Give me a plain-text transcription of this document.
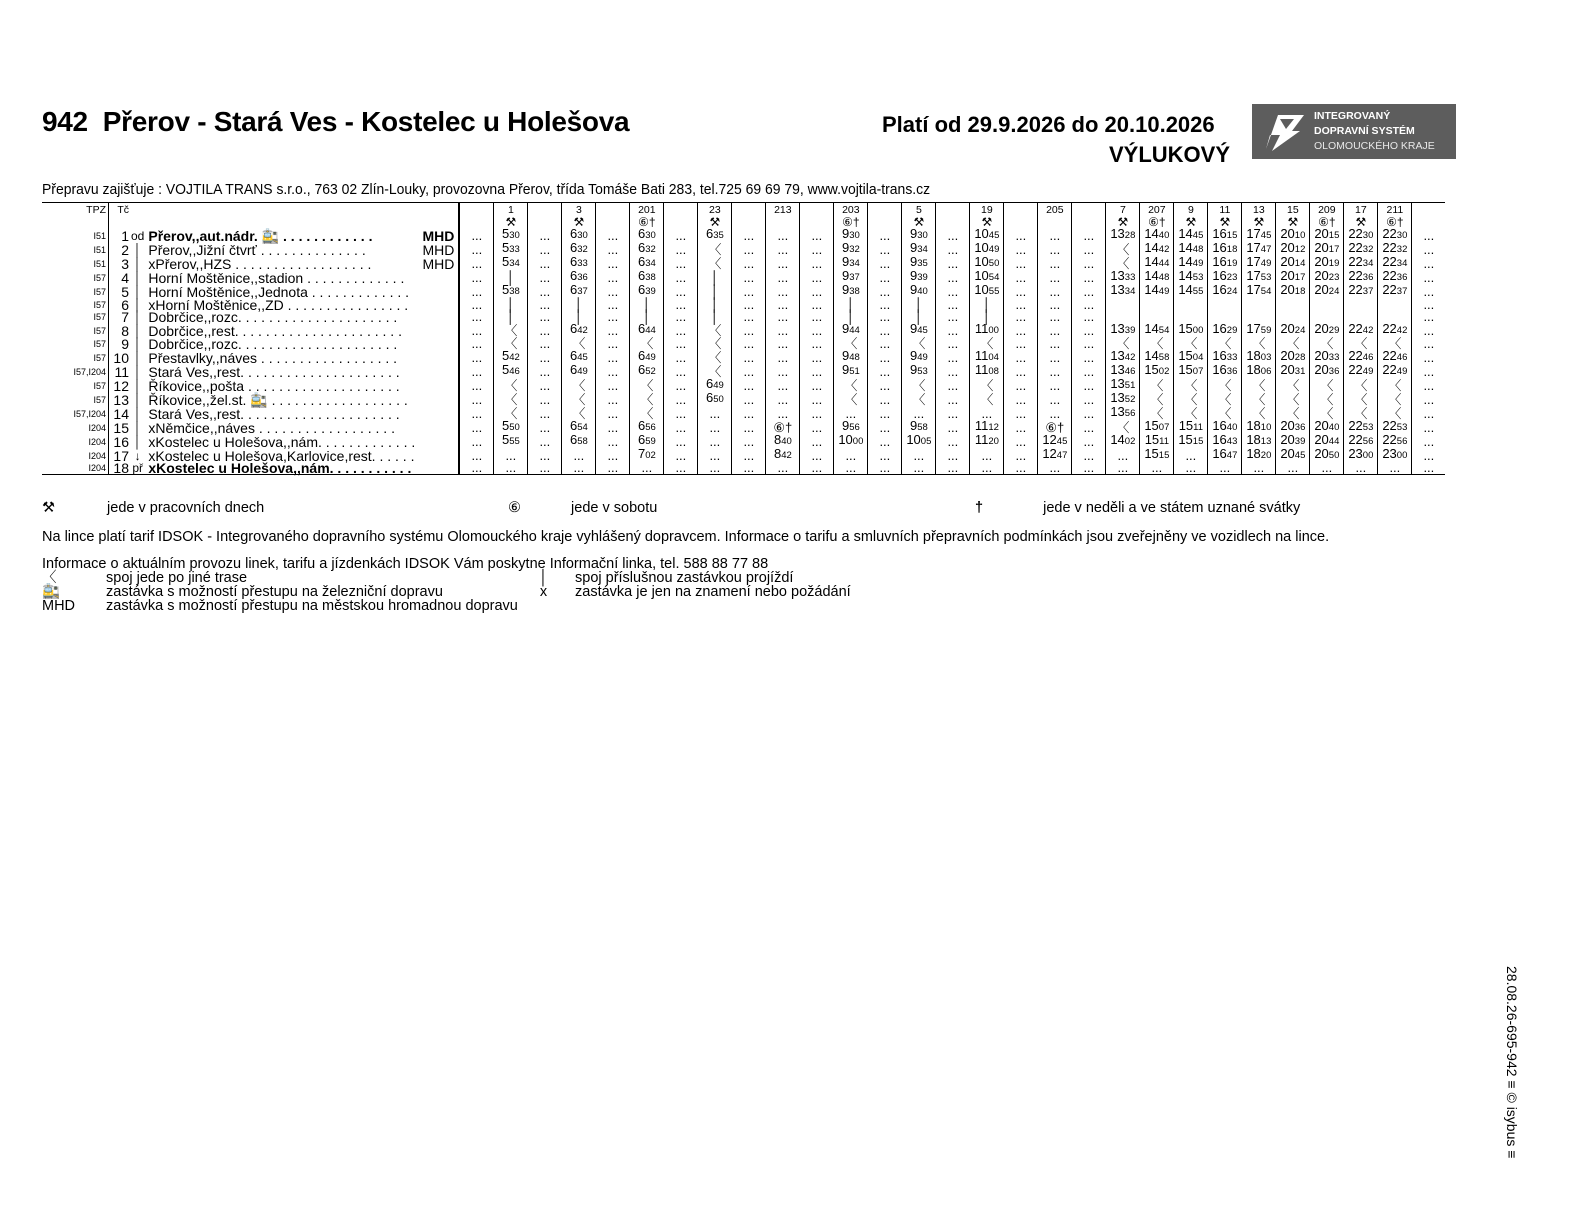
942 Přerov - Stará Ves - Kostelec u Holešova	Platí od 29.9.2026 do 20.10.2026
VÝLUKOVÝ
INTEGROVANÝ
DOPRAVNÍ SYSTÉM
OLOMOUCKÉHO KRAJE
Přepravu zajišťuje : VOJTILA TRANS s.r.o., 763 02 Zlín-Louky, provozovna Přerov, třída Tomáše Bati 283, tel.725 69 69 79, www.vojtila-trans.cz
TPZ	Tč				1		3		201		23		213		203		5		19		205		7	207	9	11	13	15	209	17	211	
					⚒		⚒		⑥†		⚒				⑥†		⚒		⚒				⚒	⑥†	⚒	⚒	⚒	⚒	⑥†	⚒	⑥†	
I51	1	od	Přerov,,aut.nádr. 🚉 . . . . . . . . . . . . MHD	...	530	...	630	...	630	...	635	...	...	...	930	...	930	...	1045	...	...	...	1328	1440	1445	1615	1745	2010	2015	2230	2230	...
I51	2	│	Přerov,,Jižní čtvrť . . . . . . . . . . . . . . MHD	...	533	...	632	...	632	...	〈	...	...	...	932	...	934	...	1049	...	...	...	〈	1442	1448	1618	1747	2012	2017	2232	2232	...
I51	3	│	xPřerov,,HZS . . . . . . . . . . . . . . . . . . MHD	...	534	...	633	...	634	...	〈	...	...	...	934	...	935	...	1050	...	...	...	〈	1444	1449	1619	1749	2014	2019	2234	2234	...
I57	4	│	Horní Moštěnice,,stadion . . . . . . . . . . . . .	...	│	...	636	...	638	...	│	...	...	...	937	...	939	...	1054	...	...	...	1333	1448	1453	1623	1753	2017	2023	2236	2236	...
I57	5	│	Horní Moštěnice,,Jednota . . . . . . . . . . . . .	...	538	...	637	...	639	...	│	...	...	...	938	...	940	...	1055	...	...	...	1334	1449	1455	1624	1754	2018	2024	2237	2237	...
I57	6	│	xHorní Moštěnice,,ZD . . . . . . . . . . . . . . . .	...	│	...	│	...	│	...	│	...	...	...	│	...	│	...	│	...	...	...										...
I57	7	│	Dobrčice,,rozc. . . . . . . . . . . . . . . . . . . . .	...	│	...	│	...	│	...	│	...	...	...	│	...	│	...	│	...	...	...										...
I57	8	│	Dobrčice,,rest. . . . . . . . . . . . . . . . . . . . . .	...	〈	...	642	...	644	...	〈	...	...	...	944	...	945	...	1100	...	...	...	1339	1454	1500	1629	1759	2024	2029	2242	2242	...
I57	9	│	Dobrčice,,rozc. . . . . . . . . . . . . . . . . . . . .	...	〈	...	〈	...	〈	...	〈	...	...	...	〈	...	〈	...	〈	...	...	...	〈	〈	〈	〈	〈	〈	〈	〈	〈	...
I57	10	│	Přestavlky,,náves . . . . . . . . . . . . . . . . . .	...	542	...	645	...	649	...	〈	...	...	...	948	...	949	...	1104	...	...	...	1342	1458	1504	1633	1803	2028	2033	2246	2246	...
I57,I204	11	│	Stará Ves,,rest. . . . . . . . . . . . . . . . . . . . .	...	546	...	649	...	652	...	〈	...	...	...	951	...	953	...	1108	...	...	...	1346	1502	1507	1636	1806	2031	2036	2249	2249	...
I57	12	│	Říkovice,,pošta . . . . . . . . . . . . . . . . . . . .	...	〈	...	〈	...	〈	...	649	...	...	...	〈	...	〈	...	〈	...	...	...	1351	〈	〈	〈	〈	〈	〈	〈	〈	...
I57	13	│	Říkovice,,žel.st. 🚉 . . . . . . . . . . . . . . . . . .	...	〈	...	〈	...	〈	...	650	...	...	...	〈	...	〈	...	〈	...	...	...	1352	〈	〈	〈	〈	〈	〈	〈	〈	...
I57,I204	14	│	Stará Ves,,rest. . . . . . . . . . . . . . . . . . . . .	...	〈	...	〈	...	〈	...	...	...	...	...	...	...	...	...	...	...	...	...	1356	〈	〈	〈	〈	〈	〈	〈	〈	...
I204	15	│	xNěmčice,,náves . . . . . . . . . . . . . . . . . .	...	550	...	654	...	656	...	...	...	⑥†	...	956	...	958	...	1112	...	⑥†	...	〈	1507	1511	1640	1810	2036	2040	2253	2253	...
I204	16	│	xKostelec u Holešova,,nám. . . . . . . . . . . . .	...	555	...	658	...	659	...	...	...	840	...	1000	...	1005	...	1120	...	1245	...	1402	1511	1515	1643	1813	2039	2044	2256	2256	...
I204	17	↓	xKostelec u Holešova,Karlovice,rest. . . . . .	...	...	...	...	...	702	...	...	...	842	...	...	...	...	...	...	...	1247	...	...	1515	...	1647	1820	2045	2050	2300	2300	...
I204	18	př	xKostelec u Holešova,,nám. . . . . . . . . . .	...	...	...	...	...	...	...	...	...	...	...	...	...	...	...	...	...	...	...	...	...	...	...	...	...	...	...	...	...
⚒	jede v pracovních dnech	⑥	jede v sobotu	†	jede v neděli a ve státem uznané svátky
Na lince platí tarif IDSOK - Integrovaného dopravního systému Olomouckého kraje vyhlášený dopravcem. Informace o tarifu a smluvních přepravních podmínkách jsou zveřejněny ve vozidlech na lince.
Informace o aktuálním provozu linek, tarifu a jízdenkách IDSOK Vám poskytne Informační linka, tel. 588 88 77 88
〈	spoj jede po jiné trase	│	spoj příslušnou zastávkou projíždí
🚉	zastávka s možností přestupu na železniční dopravu	x	zastávka je jen na znamení nebo požádání
MHD	zastávka s možností přestupu na městskou hromadnou dopravu
28.08.26-695-942 ≡ © isybus ≡
